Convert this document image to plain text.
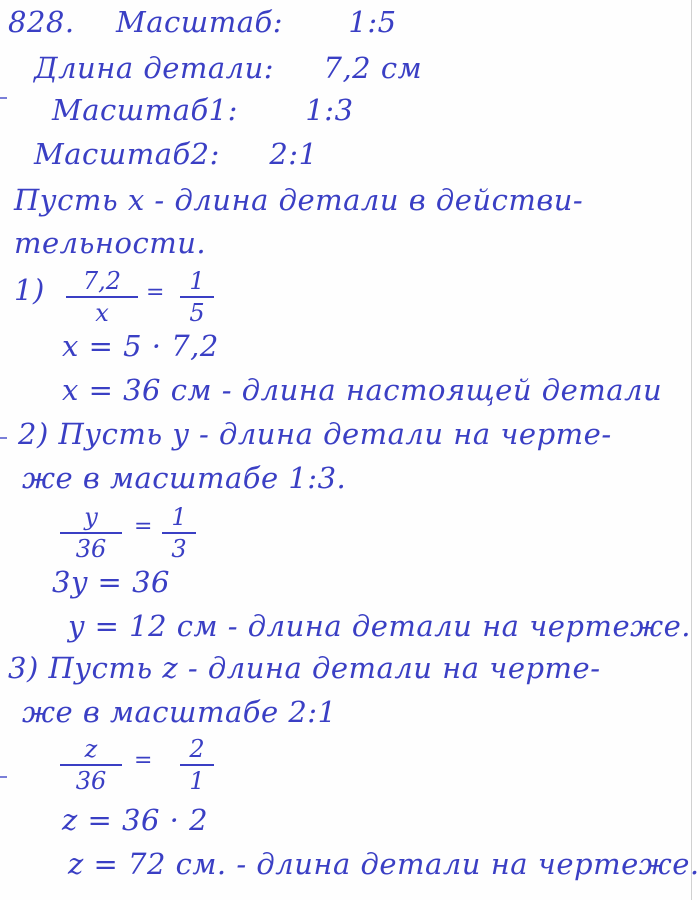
828. Масштаб: 1:5
Длина детали: 7,2 см
Масштаб1: 1:3
Масштаб2: 2:1
Пусть x - длина детали в действи-
тельности.
1)	7,2
x
=	1
5
x = 5 · 7,2
x = 36 см - длина настоящей детали
2) Пусть y - длина детали на черте-
же в масштабе 1:3.
y
36
= 1
3
3y = 36
y = 12 см - длина детали на чертеже.
3) Пусть z - длина детали на черте-
же в масштабе 2:1
z
36
=	2
1
z = 36 · 2
z = 72 см. - длина детали на чертеже.
